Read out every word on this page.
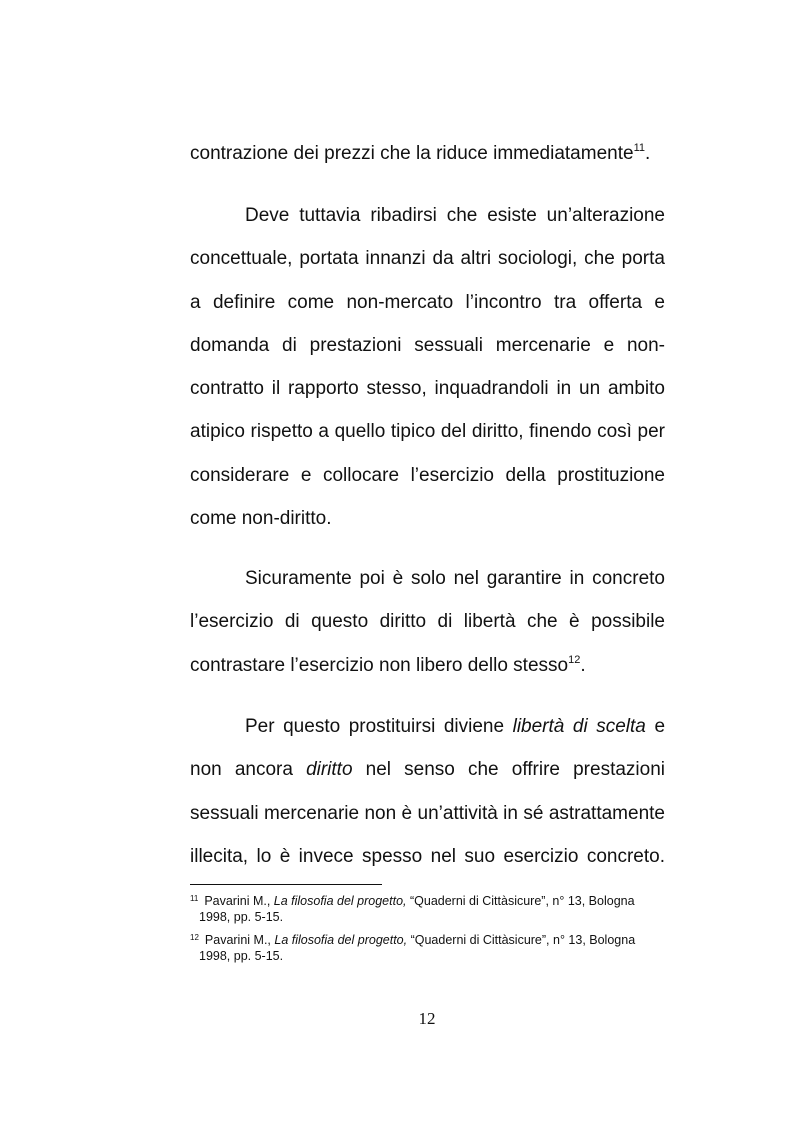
contrazione dei prezzi che la riduce immediatamente$^{11}$.

Deve tuttavia ribadirsi che esiste un’alterazione concettuale, portata innanzi da altri sociologi, che porta a definire come non-mercato l’incontro tra offerta e domanda di prestazioni sessuali mercenarie e non-contratto il rapporto stesso, inquadrandoli in un ambito atipico rispetto a quello tipico del diritto, finendo così per considerare e collocare l’esercizio della prostituzione come non-diritto.

Sicuramente poi è solo nel garantire in concreto l’esercizio di questo diritto di libertà che è possibile contrastare l’esercizio non libero dello stesso$^{12}$.

Per questo prostituirsi diviene libertà di scelta e non ancora diritto nel senso che offrire prestazioni sessuali mercenarie non è un’attività in sé astrattamente illecita, lo è invece spesso nel suo esercizio concreto.

$^{11}$ Pavarini M., La filosofia del progetto, “Quaderni di Cittàsicure”, n° 13, Bologna
1998, pp. 5-15.

$^{12}$ Pavarini M., La filosofia del progetto, “Quaderni di Cittàsicure”, n° 13, Bologna
1998, pp. 5-15.

12
